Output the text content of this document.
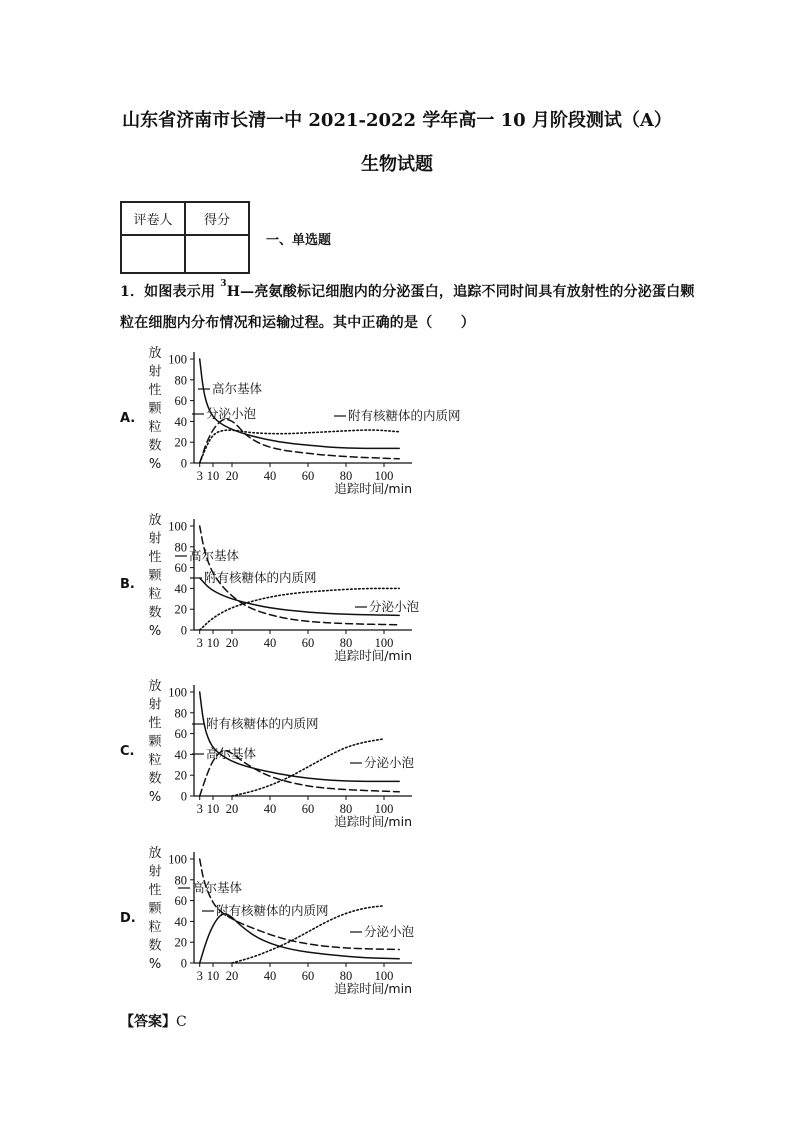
山东省济南市长清一中 2021-2022 学年高一 10 月阶段测试（A）
生物试题
评卷人	得分

一、单选题
1．如图表示用 $^3$H—亮氨酸标记细胞内的分泌蛋白，追踪不同时间具有放射性的分泌蛋白颗
粒在细胞内分布情况和运输过程。其中正确的是（　　）
A.
B.
C.
D.
放射性颗粒数% 0
20
40
60
80
100
3 10 20 40 60 80 100
追踪时间/min
高尔基体
分泌小泡	附有核糖体的内质网
放射性颗粒数% 0
20
40
60
80
100
3 10 20 40 60 80 100
追踪时间/min
高尔基体
附有核糖体的内质网
分泌小泡
放射性颗粒数% 0
20
40
60
80
100
3 10 20 40 60 80 100
追踪时间/min
附有核糖体的内质网
高尔基体
分泌小泡
放射性颗粒数% 0
20
40
60
80
100
3 10 20 40 60 80 100
追踪时间/min
高尔基体
附有核糖体的内质网
分泌小泡
【答案】C
